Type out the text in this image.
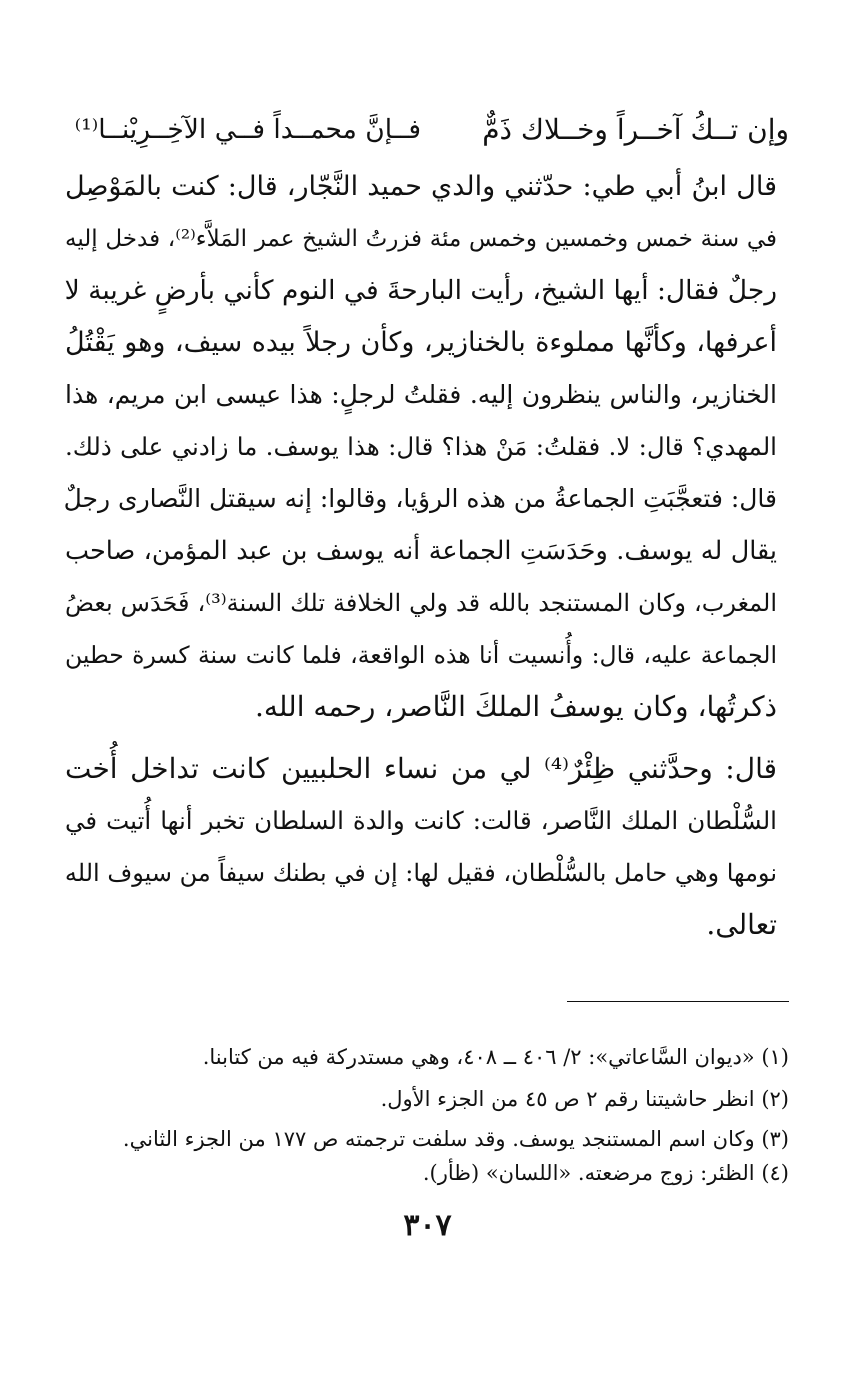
وإن تــكُ آخــراً وخــلاك ذَمٌّ
فــإنَّ محمــداً فــي الآخِــرِيْنــا⁽¹⁾
قال ابنُ أبي طي: حدّثني والدي حميد النَّجّار، قال: كنت بالمَوْصِل
في سنة خمس وخمسين وخمس مئة فزرتُ الشيخ عمر المَلاَّء⁽²⁾، فدخل إليه
رجلٌ فقال: أيها الشيخ، رأيت البارحةَ في النوم كأني بأرضٍ غريبة لا
أعرفها، وكأنَّها مملوءة بالخنازير، وكأن رجلاً بيده سيف، وهو يَقْتُلُ
الخنازير، والناس ينظرون إليه. فقلتُ لرجلٍ: هذا عيسى ابن مريم، هذا
المهدي؟ قال: لا. فقلتُ: مَنْ هذا؟ قال: هذا يوسف. ما زادني على ذلك.
قال: فتعجَّبَتِ الجماعةُ من هذه الرؤيا، وقالوا: إنه سيقتل النَّصارى رجلٌ
يقال له يوسف. وحَدَسَتِ الجماعة أنه يوسف بن عبد المؤمن، صاحب
المغرب، وكان المستنجد بالله قد ولي الخلافة تلك السنة⁽³⁾، فَحَدَس بعضُ
الجماعة عليه، قال: وأُنسيت أنا هذه الواقعة، فلما كانت سنة كسرة حطين
ذكرتُها، وكان يوسفُ الملكَ النَّاصر، رحمه الله.
قال: وحدَّثني ظِئْرٌ⁽⁴⁾ لي من نساء الحلبيين كانت تداخل أُخت
السُّلْطان الملك النَّاصر، قالت: كانت والدة السلطان تخبر أنها أُتيت في
نومها وهي حامل بالسُّلْطان، فقيل لها: إن في بطنك سيفاً من سيوف الله
تعالى.
(١) «ديوان السَّاعاتي»: ٢/ ٤٠٦ ــ ٤٠٨، وهي مستدركة فيه من كتابنا.
(٢) انظر حاشيتنا رقم ٢ ص ٤٥ من الجزء الأول.
(٣) وكان اسم المستنجد يوسف. وقد سلفت ترجمته ص ١٧٧ من الجزء الثاني.
(٤) الظئر: زوج مرضعته. «اللسان» (ظأر).
٣٠٧
